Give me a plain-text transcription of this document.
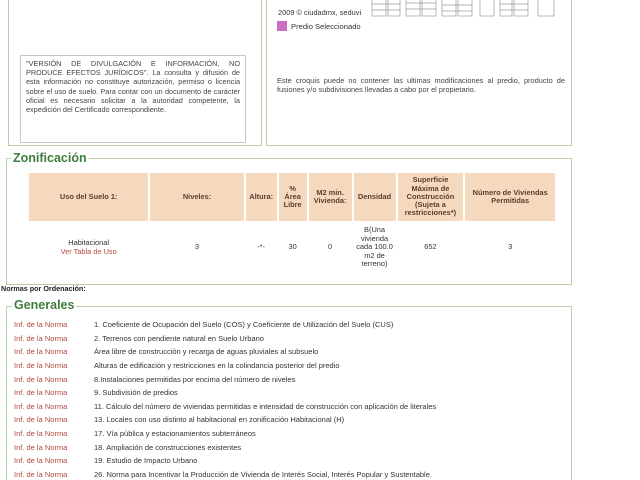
"VERSIÓN DE DIVULGACIÓN E INFORMACIÓN, NO PRODUCE EFECTOS JURÍDICOS". La consulta y difusión de esta información no constituye autorización, permiso o licencia sobre el uso de suelo. Para contar con un documento de carácter oficial es necesario solicitar a la autoridad competente, la expedición del Certificado correspondiente.
2009 © ciudadmx, seduvi
Predio Seleccionado
Este croquis puede no contener las ultimas modificaciones al predio, producto de fusiones y/o subdivisiones llevadas a cabo por el propietario.
Zonificación
Uso del Suelo 1:	Niveles:	Altura:	% Área Libre	M2 min. Vivienda:	Densidad	Superficie Máxima de Construcción (Sujeta a restricciones*)	Número de Viviendas Permitidas

Habitacional
Ver Tabla de Uso	3	-*-	30	0	B(Una vivienda cada 100.0 m2 de terreno)	652	3
Normas por Ordenación:
Generales
Inf. de la Norma	1. Coeficiente de Ocupación del Suelo (COS) y Coeficiente de Utilización del Suelo (CUS)
Inf. de la Norma	2. Terrenos con pendiente natural en Suelo Urbano
Inf. de la Norma	Área libre de construcción y recarga de aguas pluviales al subsuelo
Inf. de la Norma	Alturas de edificación y restricciones en la colindancia posterior del predio
Inf. de la Norma	8.Instalaciones permitidas por encima del número de niveles
Inf. de la Norma	9. Subdivisión de predios
Inf. de la Norma	11. Cálculo del número de viviendas permitidas e intensidad de construcción con aplicación de literales
Inf. de la Norma	13. Locales con uso distinto al habitacional en zonificación Habitacional (H)
Inf. de la Norma	17. Vía pública y estacionamientos subterráneos
Inf. de la Norma	18. Ampliación de construcciones existentes
Inf. de la Norma	19. Estudio de Impacto Urbano
Inf. de la Norma	26. Norma para Incentivar la Producción de Vivienda de Interés Social, Interés Popular y Sustentable.
